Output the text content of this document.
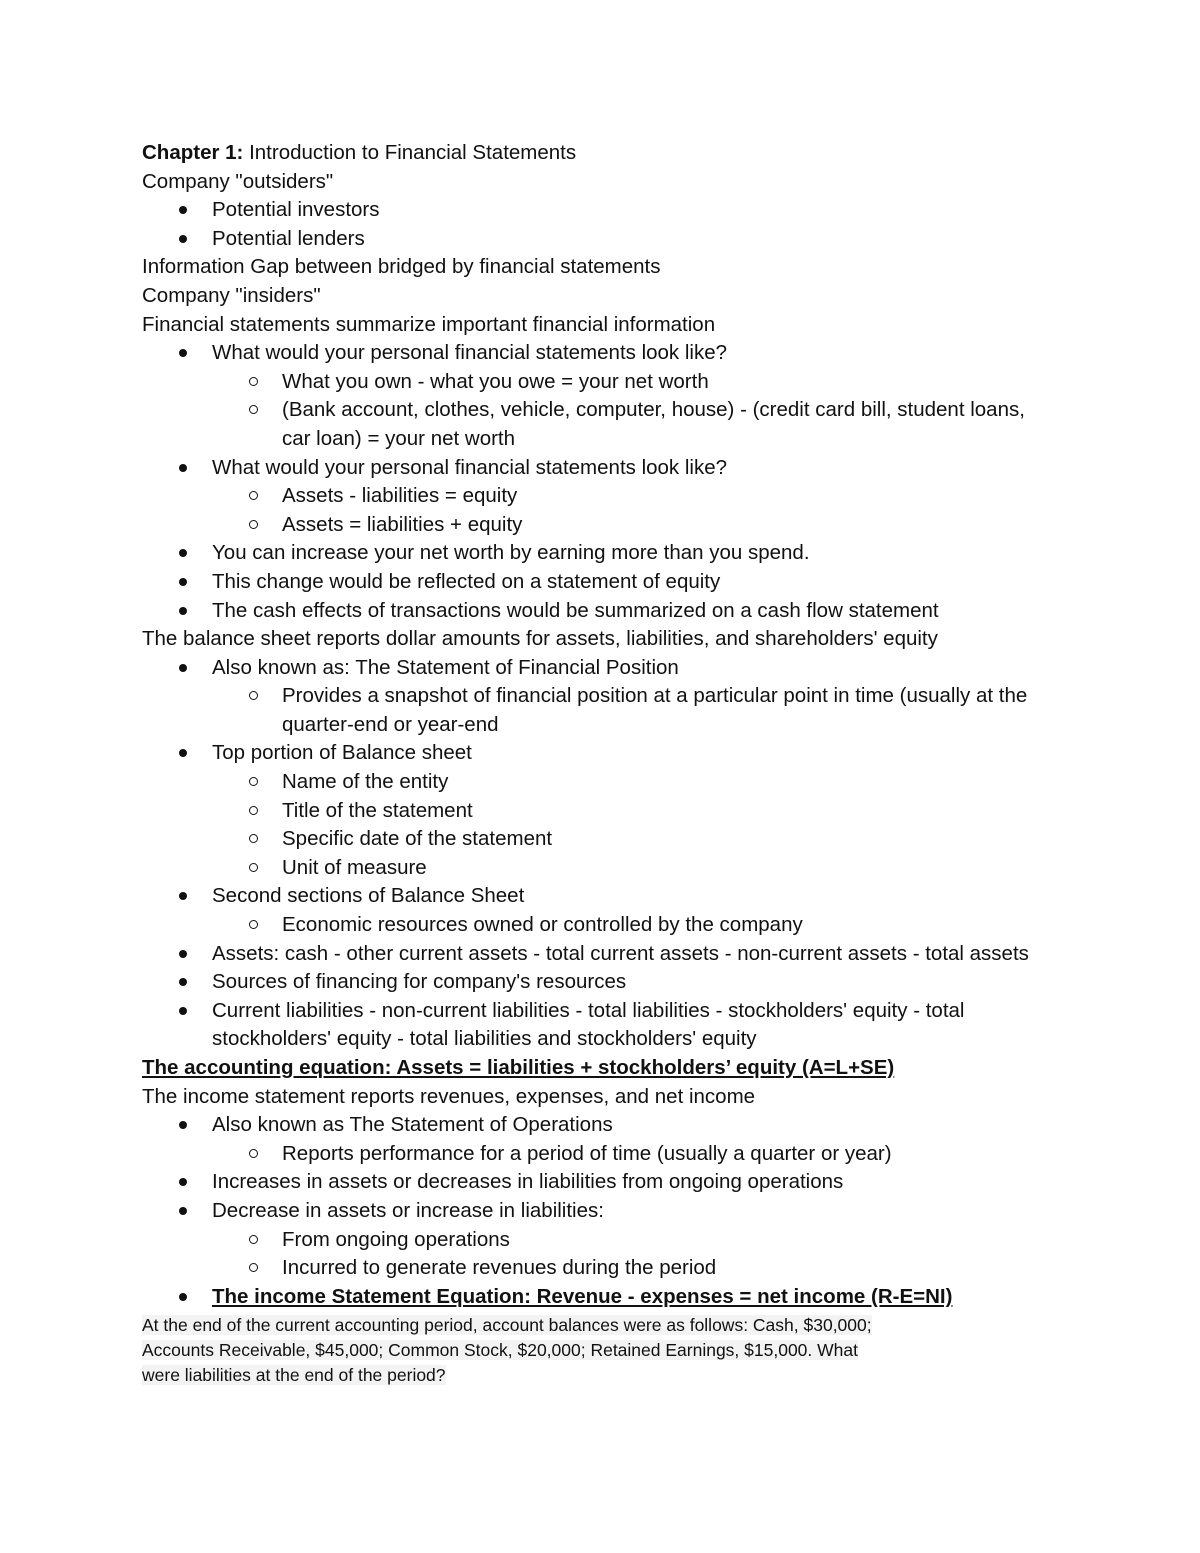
Chapter 1: Introduction to Financial Statements

Company "outsiders"

Potential investors

Potential lenders

Information Gap between bridged by financial statements

Company "insiders"

Financial statements summarize important financial information

What would your personal financial statements look like?

What you own - what you owe = your net worth

(Bank account, clothes, vehicle, computer, house) - (credit card bill, student loans, car loan) = your net worth

What would your personal financial statements look like?

Assets - liabilities = equity

Assets = liabilities + equity

You can increase your net worth by earning more than you spend.

This change would be reflected on a statement of equity

The cash effects of transactions would be summarized on a cash flow statement

The balance sheet reports dollar amounts for assets, liabilities, and shareholders' equity

Also known as: The Statement of Financial Position

Provides a snapshot of financial position at a particular point in time (usually at the quarter-end or year-end

Top portion of Balance sheet

Name of the entity

Title of the statement

Specific date of the statement

Unit of measure

Second sections of Balance Sheet

Economic resources owned or controlled by the company

Assets: cash - other current assets - total current assets - non-current assets - total assets

Sources of financing for company's resources

Current liabilities - non-current liabilities - total liabilities - stockholders' equity - total stockholders' equity - total liabilities and stockholders' equity

The accounting equation: Assets = liabilities + stockholders’ equity (A=L+SE)

The income statement reports revenues, expenses, and net income

Also known as The Statement of Operations

Reports performance for a period of time (usually a quarter or year)

Increases in assets or decreases in liabilities from ongoing operations

Decrease in assets or increase in liabilities:

From ongoing operations

Incurred to generate revenues during the period

The income Statement Equation: Revenue - expenses = net income (R-E=NI)

At the end of the current accounting period, account balances were as follows: Cash, $30,000; Accounts Receivable, $45,000; Common Stock, $20,000; Retained Earnings, $15,000. What were liabilities at the end of the period?
